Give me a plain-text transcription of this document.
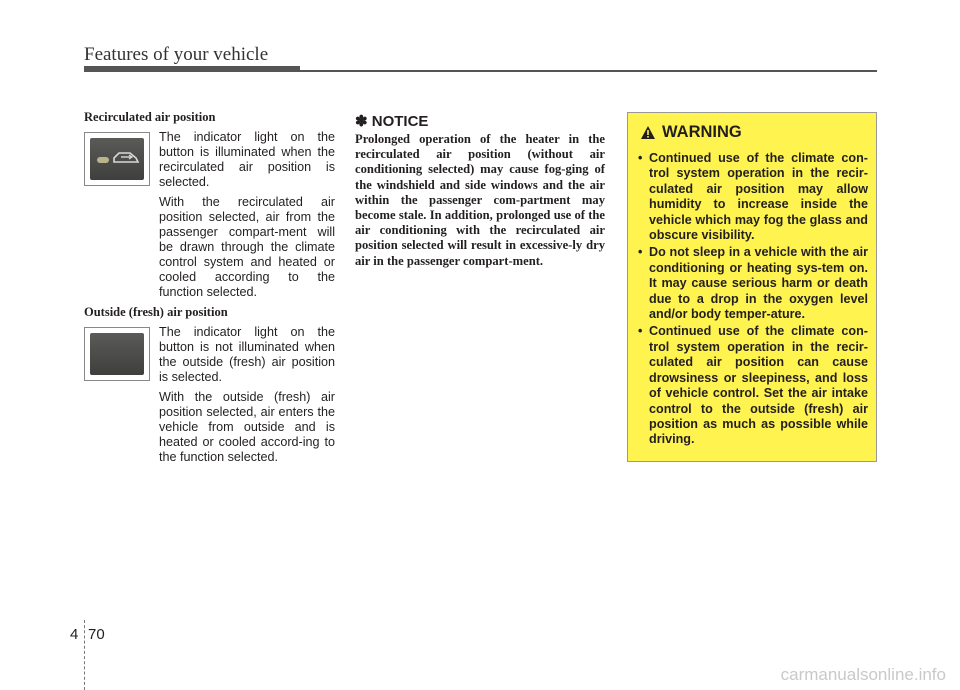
Features of your vehicle
Recirculated air position

The indicator light on the button is illuminated when the recirculated air position is selected.

With the recirculated air position selected, air from the passenger compart-ment will be drawn through the climate control system and heated or cooled according to the function selected.

Outside (fresh) air position

The indicator light on the button is not illuminated when the outside (fresh) air position is selected.

With the outside (fresh) air position selected, air enters the vehicle from outside and is heated or cooled accord-ing to the function selected.

✽ NOTICE

Prolonged operation of the heater in the recirculated air position (without air conditioning selected) may cause fog-ging of the windshield and side windows and the air within the passenger com-partment may become stale. In addition, prolonged use of the air conditioning with the recirculated air position selected will result in excessive-ly dry air in the passenger compart-ment.

WARNING
• Continued use of the climate con-trol system operation in the recir-culated air position may allow humidity to increase inside the vehicle which may fog the glass and obscure visibility.
• Do not sleep in a vehicle with the air conditioning or heating sys-tem on. It may cause serious harm or death due to a drop in the oxygen level and/or body temper-ature.
• Continued use of the climate con-trol system operation in the recir-culated air position can cause drowsiness or sleepiness, and loss of vehicle control. Set the air intake control to the outside (fresh) air position as much as possible while driving.
4 70
carmanualsonline.info
